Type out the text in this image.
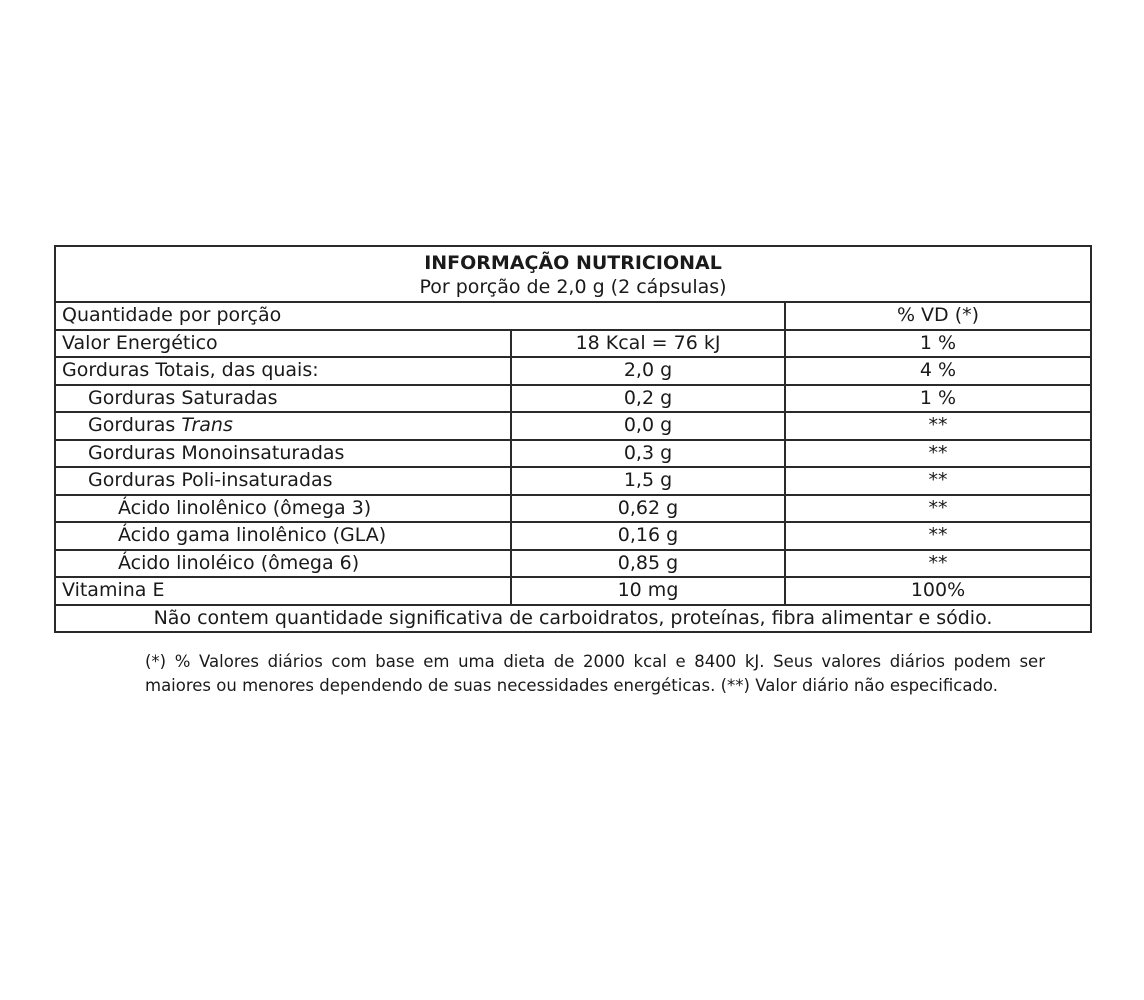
INFORMAÇÃO NUTRICIONAL
Por porção de 2,0 g (2 cápsulas)		

Quantidade por porção		% VD (*)
Valor Energético	18 Kcal = 76 kJ	1 %
Gorduras Totais, das quais:	2,0 g	4 %
Gorduras Saturadas	0,2 g	1 %
Gorduras Trans	0,0 g	**
Gorduras Monoinsaturadas	0,3 g	**
Gorduras Poli-insaturadas	1,5 g	**
Ácido linolênico (ômega 3)	0,62 g	**
Ácido gama linolênico (GLA)	0,16 g	**
Ácido linoléico (ômega 6)	0,85 g	**
Vitamina E	10 mg	100%
Não contem quantidade significativa de carboidratos, proteínas, fibra alimentar e sódio.		

(*) % Valores diários com base em uma dieta de 2000 kcal e 8400 kJ. Seus valores diários podem ser maiores ou menores dependendo de suas necessidades energéticas. (**) Valor diário não especificado.
